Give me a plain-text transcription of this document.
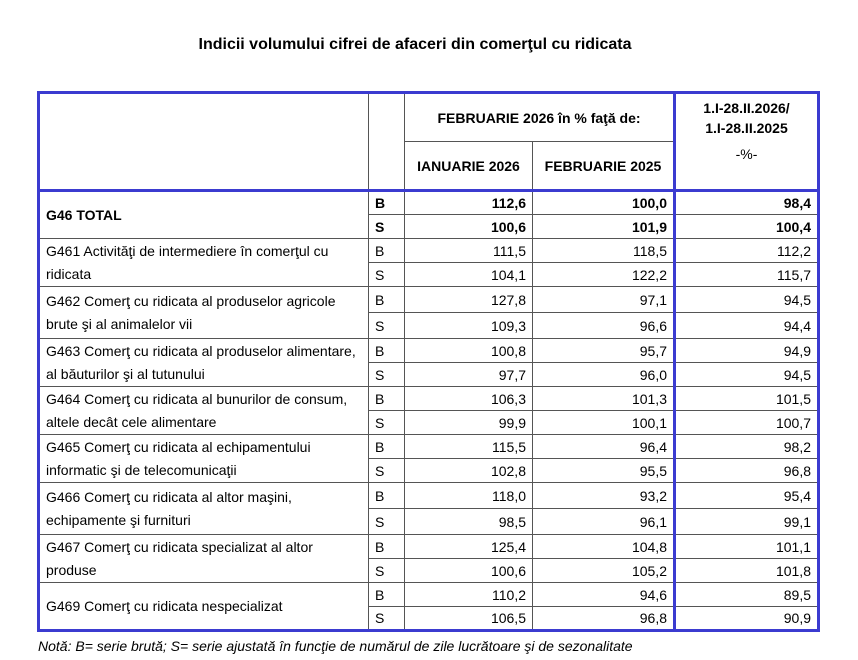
Indicii volumului cifrei de afaceri din comerţul cu ridicata
		FEBRUARIE 2026 în % faţă de:		1.I-28.II.2026/
1.I-28.II.2025
-%-

		IANUARIE 2026	FEBRUARIE 2025	
G46 TOTAL	B	112,6	100,0	98,4
	S	100,6	101,9	100,4
G461 Activităţi de intermediere în comerţul cu ridicata	B	111,5	118,5	112,2
	S	104,1	122,2	115,7
G462 Comerţ cu ridicata al produselor agricole brute şi al animalelor vii	B	127,8	97,1	94,5
	S	109,3	96,6	94,4
G463 Comerţ cu ridicata al produselor alimentare, al băuturilor şi al tutunului	B	100,8	95,7	94,9
	S	97,7	96,0	94,5
G464 Comerţ cu ridicata al bunurilor de consum, altele decât cele alimentare	B	106,3	101,3	101,5
	S	99,9	100,1	100,7
G465 Comerţ cu ridicata al echipamentului informatic şi de telecomunicaţii	B	115,5	96,4	98,2
	S	102,8	95,5	96,8
G466 Comerţ cu ridicata al altor maşini, echipamente şi furnituri	B	118,0	93,2	95,4
	S	98,5	96,1	99,1
G467 Comerţ cu ridicata specializat al altor produse	B	125,4	104,8	101,1
	S	100,6	105,2	101,8
G469 Comerţ cu ridicata nespecializat	B	110,2	94,6	89,5
	S	106,5	96,8	90,9
Notă: B= serie brută; S= serie ajustată în funcţie de numărul de zile lucrătoare şi de sezonalitate
